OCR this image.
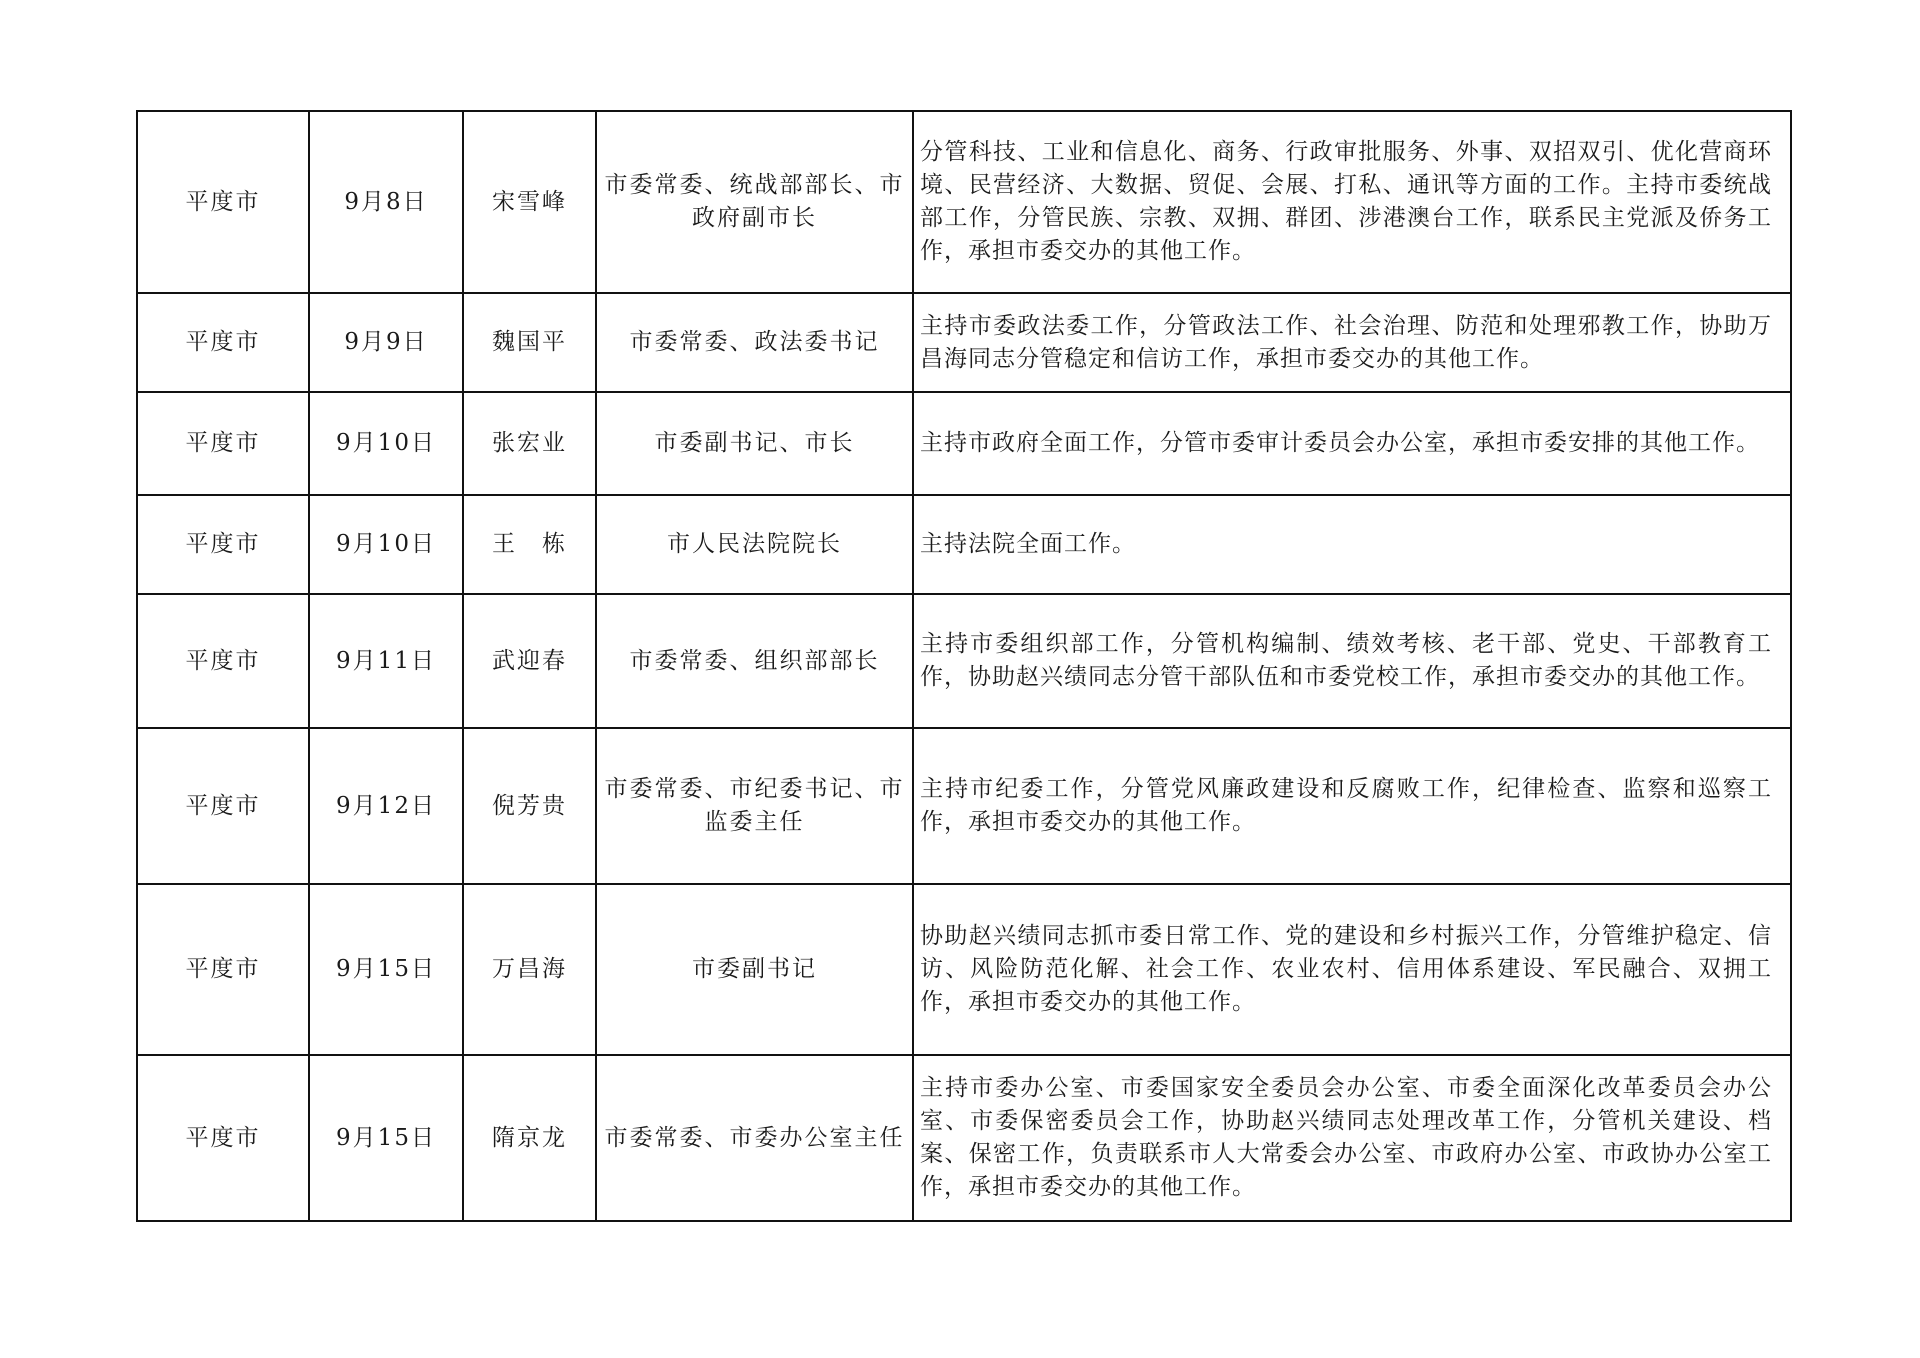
平度市	9月8日	宋雪峰	市委常委、统战部部长、市政府副市长	分管科技、工业和信息化、商务、行政审批服务、外事、双招双引、优化营商环境、民营经济、大数据、贸促、会展、打私、通讯等方面的工作。主持市委统战部工作，分管民族、宗教、双拥、群团、涉港澳台工作，联系民主党派及侨务工作，承担市委交办的其他工作。
平度市	9月9日	魏国平	市委常委、政法委书记	主持市委政法委工作，分管政法工作、社会治理、防范和处理邪教工作，协助万昌海同志分管稳定和信访工作，承担市委交办的其他工作。
平度市	9月10日	张宏业	市委副书记、市长	主持市政府全面工作，分管市委审计委员会办公室，承担市委安排的其他工作。
平度市	9月10日	王　栋	市人民法院院长	主持法院全面工作。
平度市	9月11日	武迎春	市委常委、组织部部长	主持市委组织部工作，分管机构编制、绩效考核、老干部、党史、干部教育工作，协助赵兴绩同志分管干部队伍和市委党校工作，承担市委交办的其他工作。
平度市	9月12日	倪芳贵	市委常委、市纪委书记、市监委主任	主持市纪委工作，分管党风廉政建设和反腐败工作，纪律检查、监察和巡察工作，承担市委交办的其他工作。
平度市	9月15日	万昌海	市委副书记	协助赵兴绩同志抓市委日常工作、党的建设和乡村振兴工作，分管维护稳定、信访、风险防范化解、社会工作、农业农村、信用体系建设、军民融合、双拥工作，承担市委交办的其他工作。
平度市	9月15日	隋京龙	市委常委、市委办公室主任	主持市委办公室、市委国家安全委员会办公室、市委全面深化改革委员会办公室、市委保密委员会工作，协助赵兴绩同志处理改革工作，分管机关建设、档案、保密工作，负责联系市人大常委会办公室、市政府办公室、市政协办公室工作，承担市委交办的其他工作。
